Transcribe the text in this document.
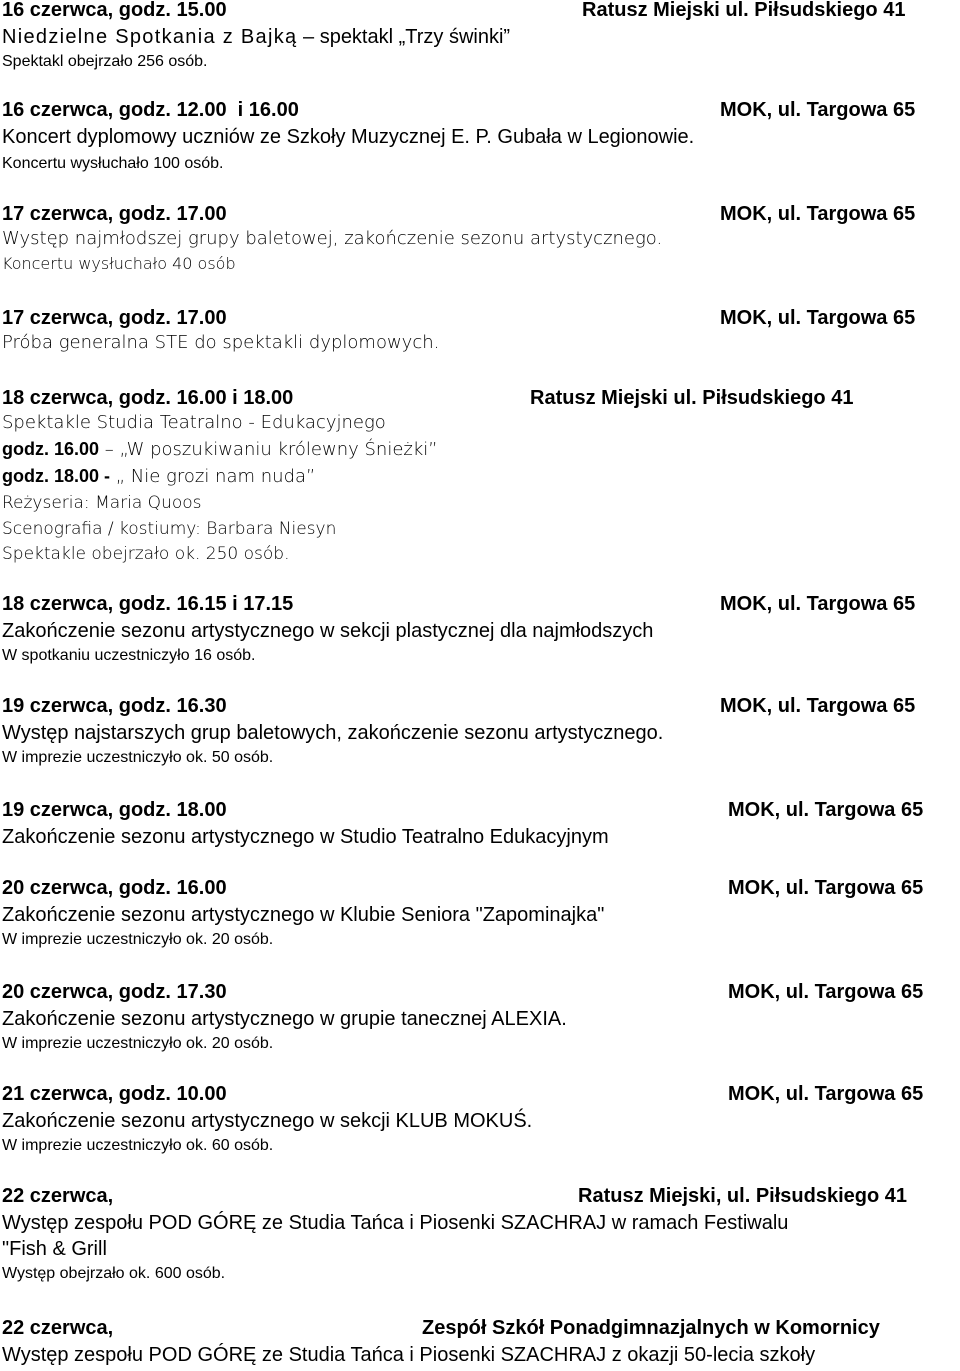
16 czerwca, godz. 15.00	Ratusz Miejski ul. Piłsudskiego 41
Niedzielne Spotkania z Bajką – spektakl „Trzy świnki”
Spektakl obejrzało 256 osób.
16 czerwca, godz. 12.00  i 16.00	MOK, ul. Targowa 65
Koncert dyplomowy uczniów ze Szkoły Muzycznej E. P. Gubała w Legionowie.
Koncertu wysłuchało 100 osób.
17 czerwca, godz. 17.00	MOK, ul. Targowa 65
Występ najmłodszej grupy baletowej, zakończenie sezonu artystycznego.
Koncertu wysłuchało 40 osób
17 czerwca, godz. 17.00	MOK, ul. Targowa 65
Próba generalna STE do spektakli dyplomowych.
18 czerwca, godz. 16.00 i 18.00	Ratusz Miejski ul. Piłsudskiego 41
Spektakle Studia Teatralno - Edukacyjnego
godz. 16.00 – „W poszukiwaniu królewny Śnieżki”
godz. 18.00 - „ Nie grozi nam nuda”
Reżyseria: Maria Quoos
Scenografia / kostiumy: Barbara Niesyn
Spektakle obejrzało ok. 250 osób.
18 czerwca, godz. 16.15 i 17.15	MOK, ul. Targowa 65
Zakończenie sezonu artystycznego w sekcji plastycznej dla najmłodszych
W spotkaniu uczestniczyło 16 osób.
19 czerwca, godz. 16.30	MOK, ul. Targowa 65
Występ najstarszych grup baletowych, zakończenie sezonu artystycznego.
W imprezie uczestniczyło ok. 50 osób.
19 czerwca, godz. 18.00	MOK, ul. Targowa 65
Zakończenie sezonu artystycznego w Studio Teatralno Edukacyjnym
20 czerwca, godz. 16.00	MOK, ul. Targowa 65
Zakończenie sezonu artystycznego w Klubie Seniora "Zapominajka"
W imprezie uczestniczyło ok. 20 osób.
20 czerwca, godz. 17.30	MOK, ul. Targowa 65
Zakończenie sezonu artystycznego w grupie tanecznej ALEXIA.
W imprezie uczestniczyło ok. 20 osób.
21 czerwca, godz. 10.00	MOK, ul. Targowa 65
Zakończenie sezonu artystycznego w sekcji KLUB MOKUŚ.
W imprezie uczestniczyło ok. 60 osób.
22 czerwca,	Ratusz Miejski, ul. Piłsudskiego 41
Występ zespołu POD GÓRĘ ze Studia Tańca i Piosenki SZACHRAJ w ramach Festiwalu
"Fish & Grill
Występ obejrzało ok. 600 osób.
22 czerwca,	Zespół Szkół Ponadgimnazjalnych w Komornicy
Występ zespołu POD GÓRĘ ze Studia Tańca i Piosenki SZACHRAJ z okazji 50-lecia szkoły
